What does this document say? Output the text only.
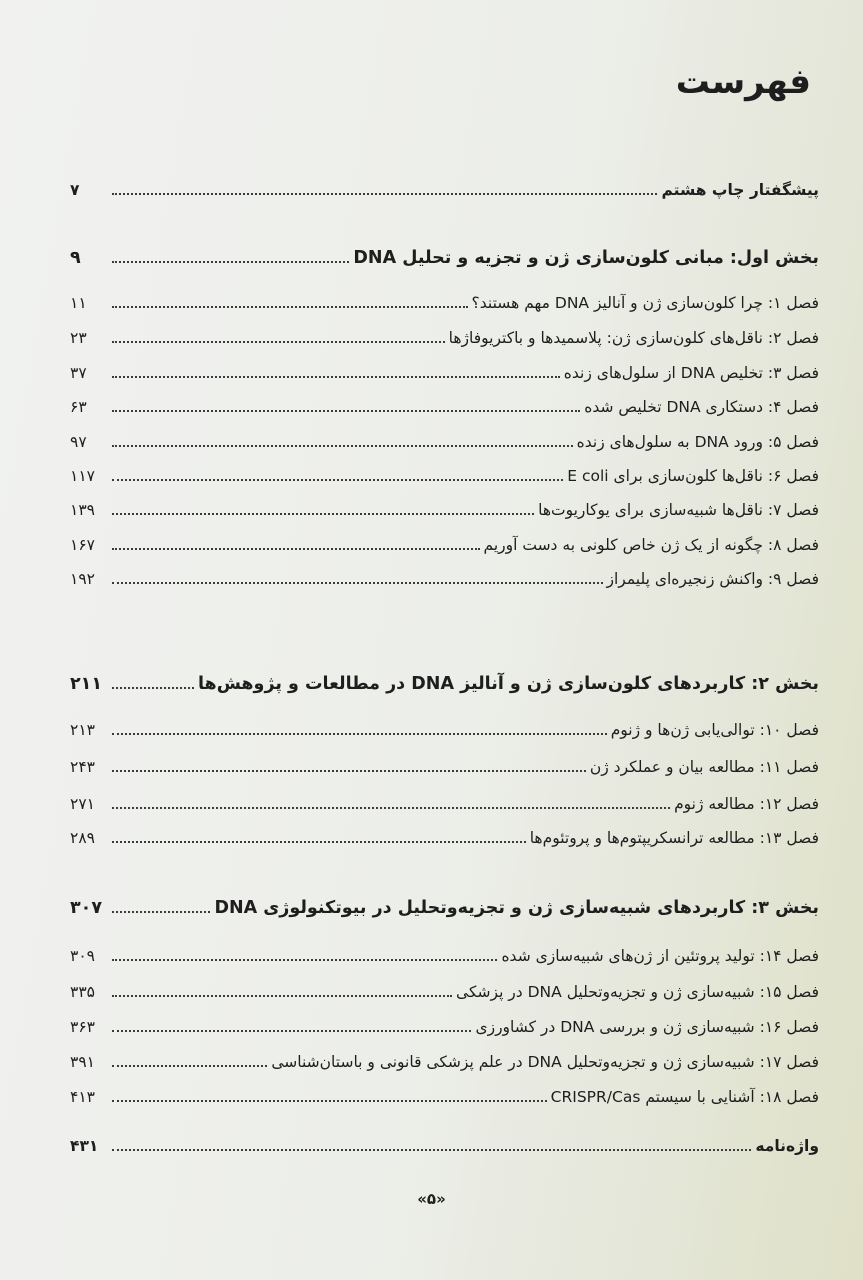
فهرست
پیشگفتار چاپ هشتم
۷
بخش اول: مبانی کلون‌سازی ژن و تجزیه و تحلیل DNA
۹
فصل ۱: چرا کلون‌سازی ژن و آنالیز DNA مهم هستند؟
۱۱
فصل ۲: ناقل‌های کلون‌سازی ژن: پلاسمیدها و باکتریوفاژها
۲۳
فصل ۳: تخلیص DNA از سلول‌های زنده
۳۷
فصل ۴: دستکاری DNA تخلیص شده
۶۳
فصل ۵: ورود DNA به سلول‌های زنده
۹۷
فصل ۶: ناقل‌ها کلون‌سازی برای E coli
۱۱۷
فصل ۷: ناقل‌ها شبیه‌سازی برای یوکاریوت‌ها
۱۳۹
فصل ۸: چگونه از یک ژن خاص کلونی به دست آوریم
۱۶۷
فصل ۹: واکنش زنجیره‌ای پلیمراز
۱۹۲
بخش ۲: کاربردهای کلون‌سازی ژن و آنالیز DNA در مطالعات و پژوهش‌ها
۲۱۱
فصل ۱۰: توالی‌یابی ژن‌ها و ژنوم
۲۱۳
فصل ۱۱: مطالعه بیان و عملکرد ژن
۲۴۳
فصل ۱۲: مطالعه ژنوم
۲۷۱
فصل ۱۳: مطالعه ترانسکریپتوم‌ها و پروتئوم‌ها
۲۸۹
بخش ۳: کاربردهای شبیه‌سازی ژن و تجزیه‌وتحلیل در بیوتکنولوژی DNA
۳۰۷
فصل ۱۴: تولید پروتئین از ژن‌های شبیه‌سازی شده
۳۰۹
فصل ۱۵: شبیه‌سازی ژن و تجزیه‌وتحلیل DNA در پزشکی
۳۳۵
فصل ۱۶: شبیه‌سازی ژن و بررسی DNA در کشاورزی
۳۶۳
فصل ۱۷: شبیه‌سازی ژن و تجزیه‌وتحلیل DNA در علم پزشکی قانونی و باستان‌شناسی
۳۹۱
فصل ۱۸: آشنایی با سیستم CRISPR/Cas
۴۱۳
واژه‌نامه
۴۳۱
«۵»
